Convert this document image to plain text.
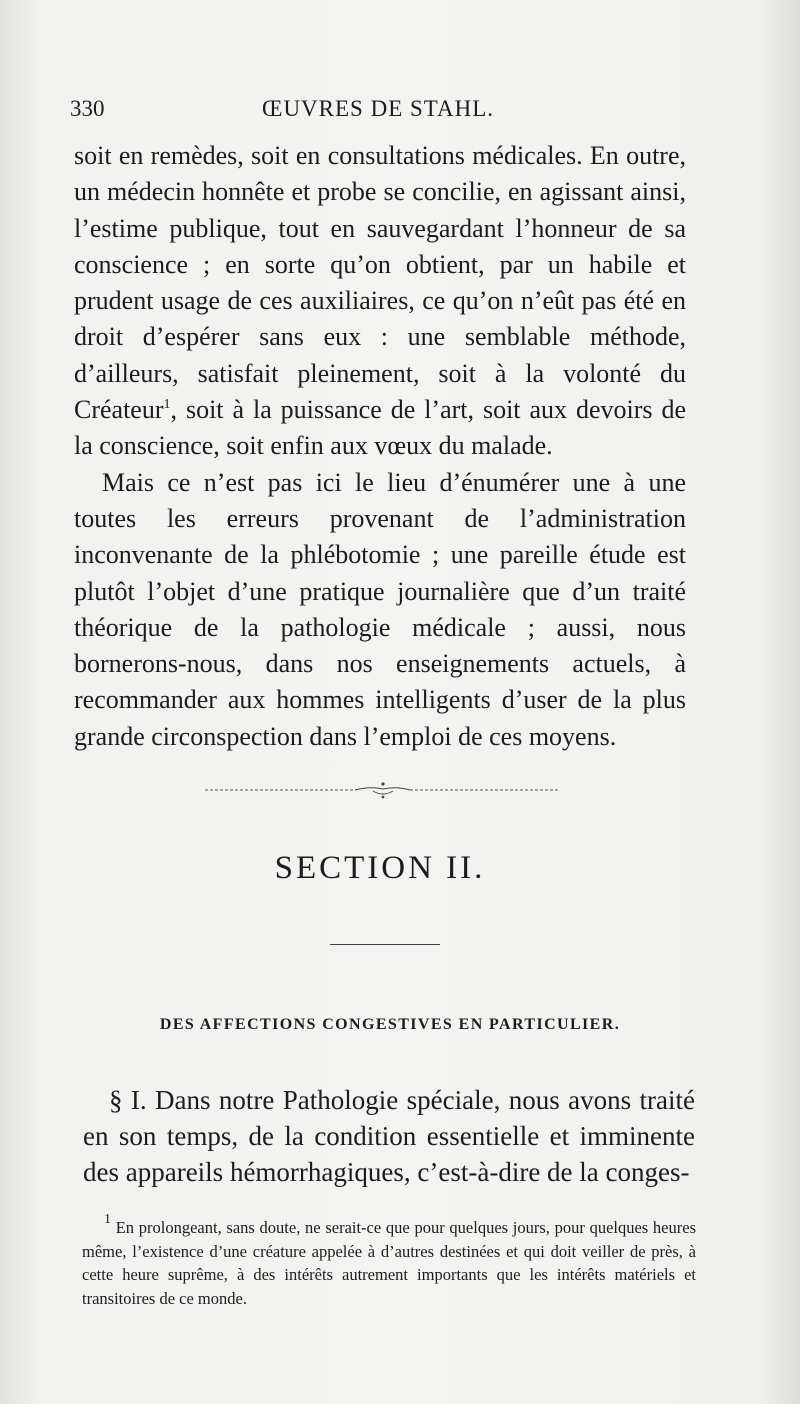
330	ŒUVRES DE STAHL.

soit en remèdes, soit en consultations médicales. En outre, un médecin honnête et probe se concilie, en agissant ainsi, l’estime publique, tout en sauvegardant l’honneur de sa conscience ; en sorte qu’on obtient, par un habile et prudent usage de ces auxiliaires, ce qu’on n’eût pas été en droit d’espérer sans eux : une semblable méthode, d’ailleurs, satisfait pleinement, soit à la volonté du Créateur$^1$, soit à la puissance de l’art, soit aux devoirs de la conscience, soit enfin aux vœux du malade.

Mais ce n’est pas ici le lieu d’énumérer une à une toutes les erreurs provenant de l’administration inconvenante de la phlébotomie ; une pareille étude est plutôt l’objet d’une pratique journalière que d’un traité théorique de la pathologie médicale ; aussi, nous bornerons-nous, dans nos enseignements actuels, à recommander aux hommes intelligents d’user de la plus grande circonspection dans l’emploi de ces moyens.

SECTION II.
DES AFFECTIONS CONGESTIVES EN PARTICULIER.

§ I. Dans notre Pathologie spéciale, nous avons traité en son temps, de la condition essentielle et imminente des appareils hémorrhagiques, c’est-à-dire de la conges-

$^1$ En prolongeant, sans doute, ne serait-ce que pour quelques jours, pour quelques heures même, l’existence d’une créature appelée à d’autres destinées et qui doit veiller de près, à cette heure suprême, à des intérêts autrement importants que les intérêts matériels et transitoires de ce monde.
